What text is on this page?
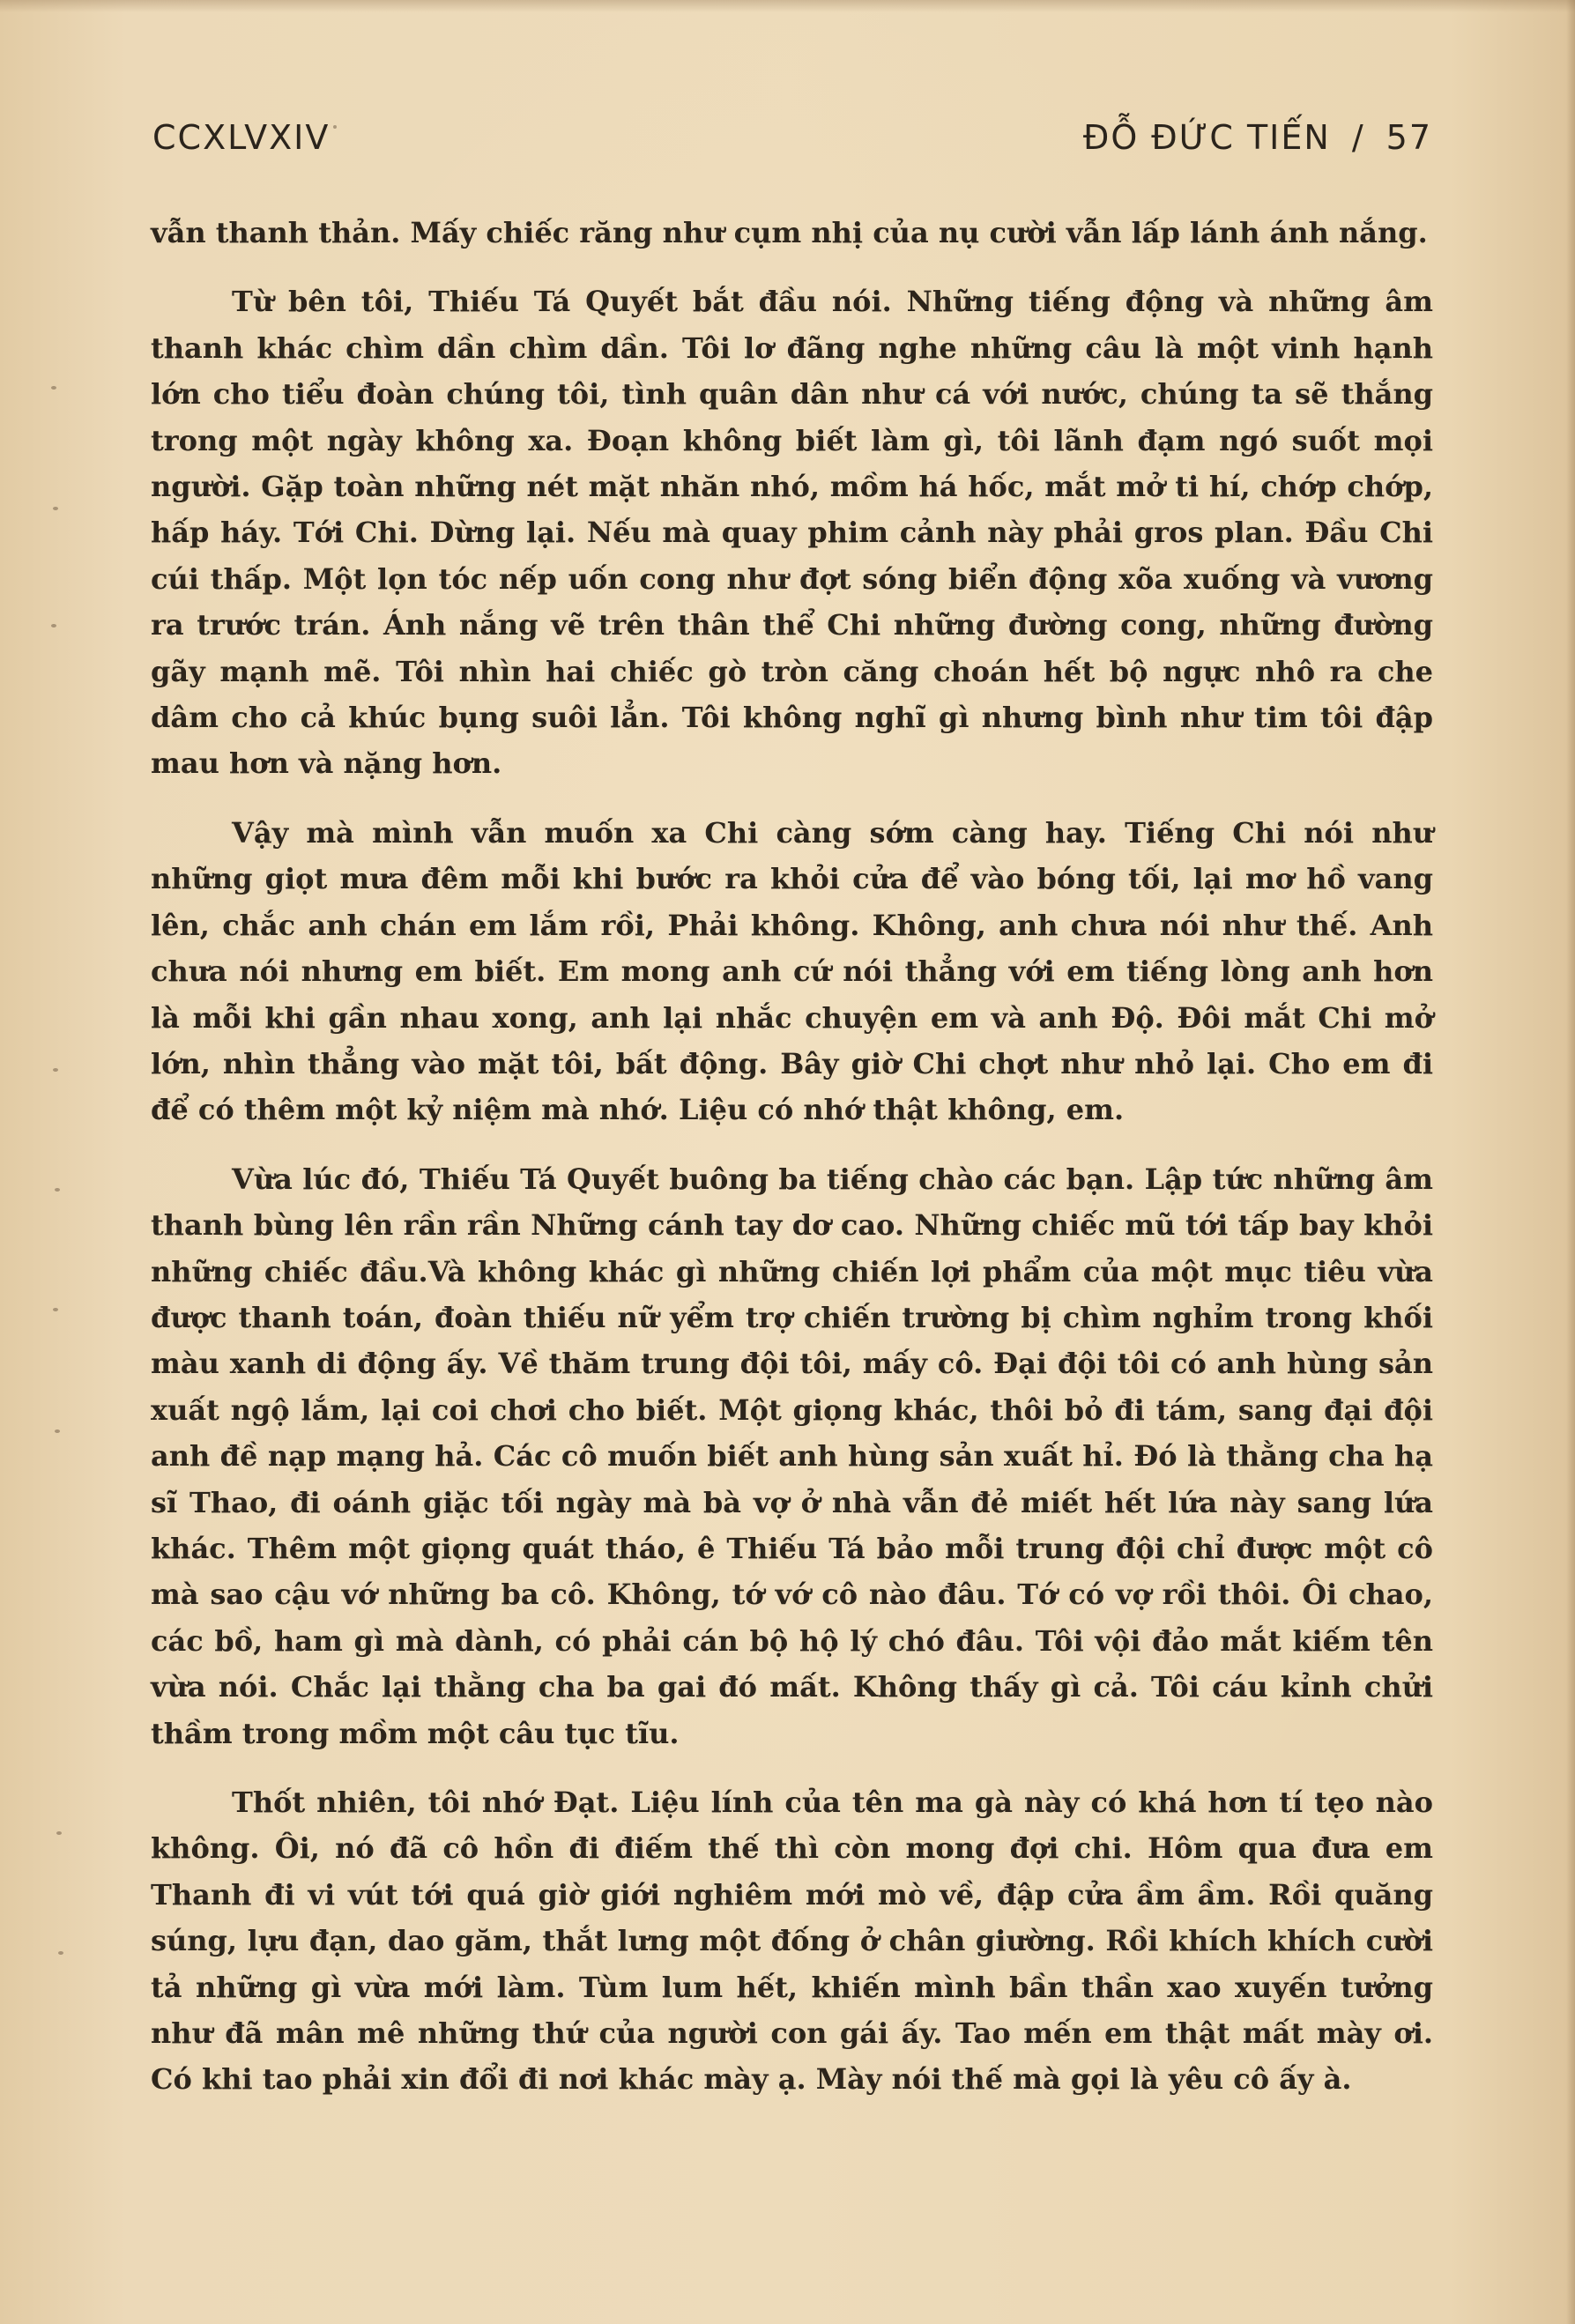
CCXLVXIV	ĐỖ ĐỨC TIẾN / 57

vẫn thanh thản. Mấy chiếc răng như cụm nhị của nụ cười vẫn lấp lánh ánh nắng.

Từ bên tôi, Thiếu Tá Quyết bắt đầu nói. Những tiếng động và những âm thanh khác chìm dần chìm dần. Tôi lơ đãng nghe những câu là một vinh hạnh lớn cho tiểu đoàn chúng tôi, tình quân dân như cá với nước, chúng ta sẽ thắng trong một ngày không xa. Đoạn không biết làm gì, tôi lãnh đạm ngó suốt mọi người. Gặp toàn những nét mặt nhăn nhó, mồm há hốc, mắt mở ti hí, chớp chớp, hấp háy. Tới Chi. Dừng lại. Nếu mà quay phim cảnh này phải gros plan. Đầu Chi cúi thấp. Một lọn tóc nếp uốn cong như đợt sóng biển động xõa xuống và vương ra trước trán. Ánh nắng vẽ trên thân thể Chi những đường cong, những đường gãy mạnh mẽ. Tôi nhìn hai chiếc gò tròn căng choán hết bộ ngực nhô ra che dâm cho cả khúc bụng suôi lẳn. Tôi không nghĩ gì nhưng bình như tim tôi đập mau hơn và nặng hơn.

Vậy mà mình vẫn muốn xa Chi càng sớm càng hay. Tiếng Chi nói như những giọt mưa đêm mỗi khi bước ra khỏi cửa để vào bóng tối, lại mơ hồ vang lên, chắc anh chán em lắm rồi, Phải không. Không, anh chưa nói như thế. Anh chưa nói nhưng em biết. Em mong anh cứ nói thẳng với em tiếng lòng anh hơn là mỗi khi gần nhau xong, anh lại nhắc chuyện em và anh Độ. Đôi mắt Chi mở lớn, nhìn thẳng vào mặt tôi, bất động. Bây giờ Chi chợt như nhỏ lại. Cho em đi để có thêm một kỷ niệm mà nhớ. Liệu có nhớ thật không, em.

Vừa lúc đó, Thiếu Tá Quyết buông ba tiếng chào các bạn. Lập tức những âm thanh bùng lên rần rần Những cánh tay dơ cao. Những chiếc mũ tới tấp bay khỏi những chiếc đầu.Và không khác gì những chiến lợi phẩm của một mục tiêu vừa được thanh toán, đoàn thiếu nữ yểm trợ chiến trường bị chìm nghỉm trong khối màu xanh di động ấy. Về thăm trung đội tôi, mấy cô. Đại đội tôi có anh hùng sản xuất ngộ lắm, lại coi chơi cho biết. Một giọng khác, thôi bỏ đi tám, sang đại đội anh đề nạp mạng hả. Các cô muốn biết anh hùng sản xuất hỉ. Đó là thằng cha hạ sĩ Thao, đi oánh giặc tối ngày mà bà vợ ở nhà vẫn đẻ miết hết lứa này sang lứa khác. Thêm một giọng quát tháo, ê Thiếu Tá bảo mỗi trung đội chỉ được một cô mà sao cậu vớ những ba cô. Không, tớ vớ cô nào đâu. Tớ có vợ rồi thôi. Ôi chao, các bồ, ham gì mà dành, có phải cán bộ hộ lý chó đâu. Tôi vội đảo mắt kiếm tên vừa nói. Chắc lại thằng cha ba gai đó mất. Không thấy gì cả. Tôi cáu kỉnh chửi thầm trong mồm một câu tục tĩu.

Thốt nhiên, tôi nhớ Đạt. Liệu lính của tên ma gà này có khá hơn tí tẹo nào không. Ôi, nó đã cô hồn đi điếm thế thì còn mong đợi chi. Hôm qua đưa em Thanh đi vi vút tới quá giờ giới nghiêm mới mò về, đập cửa ầm ầm. Rồi quăng súng, lựu đạn, dao găm, thắt lưng một đống ở chân giường. Rồi khích khích cười tả những gì vừa mới làm. Tùm lum hết, khiến mình bần thần xao xuyến tưởng như đã mân mê những thứ của người con gái ấy. Tao mến em thật mất mày ơi. Có khi tao phải xin đổi đi nơi khác mày ạ. Mày nói thế mà gọi là yêu cô ấy à.
